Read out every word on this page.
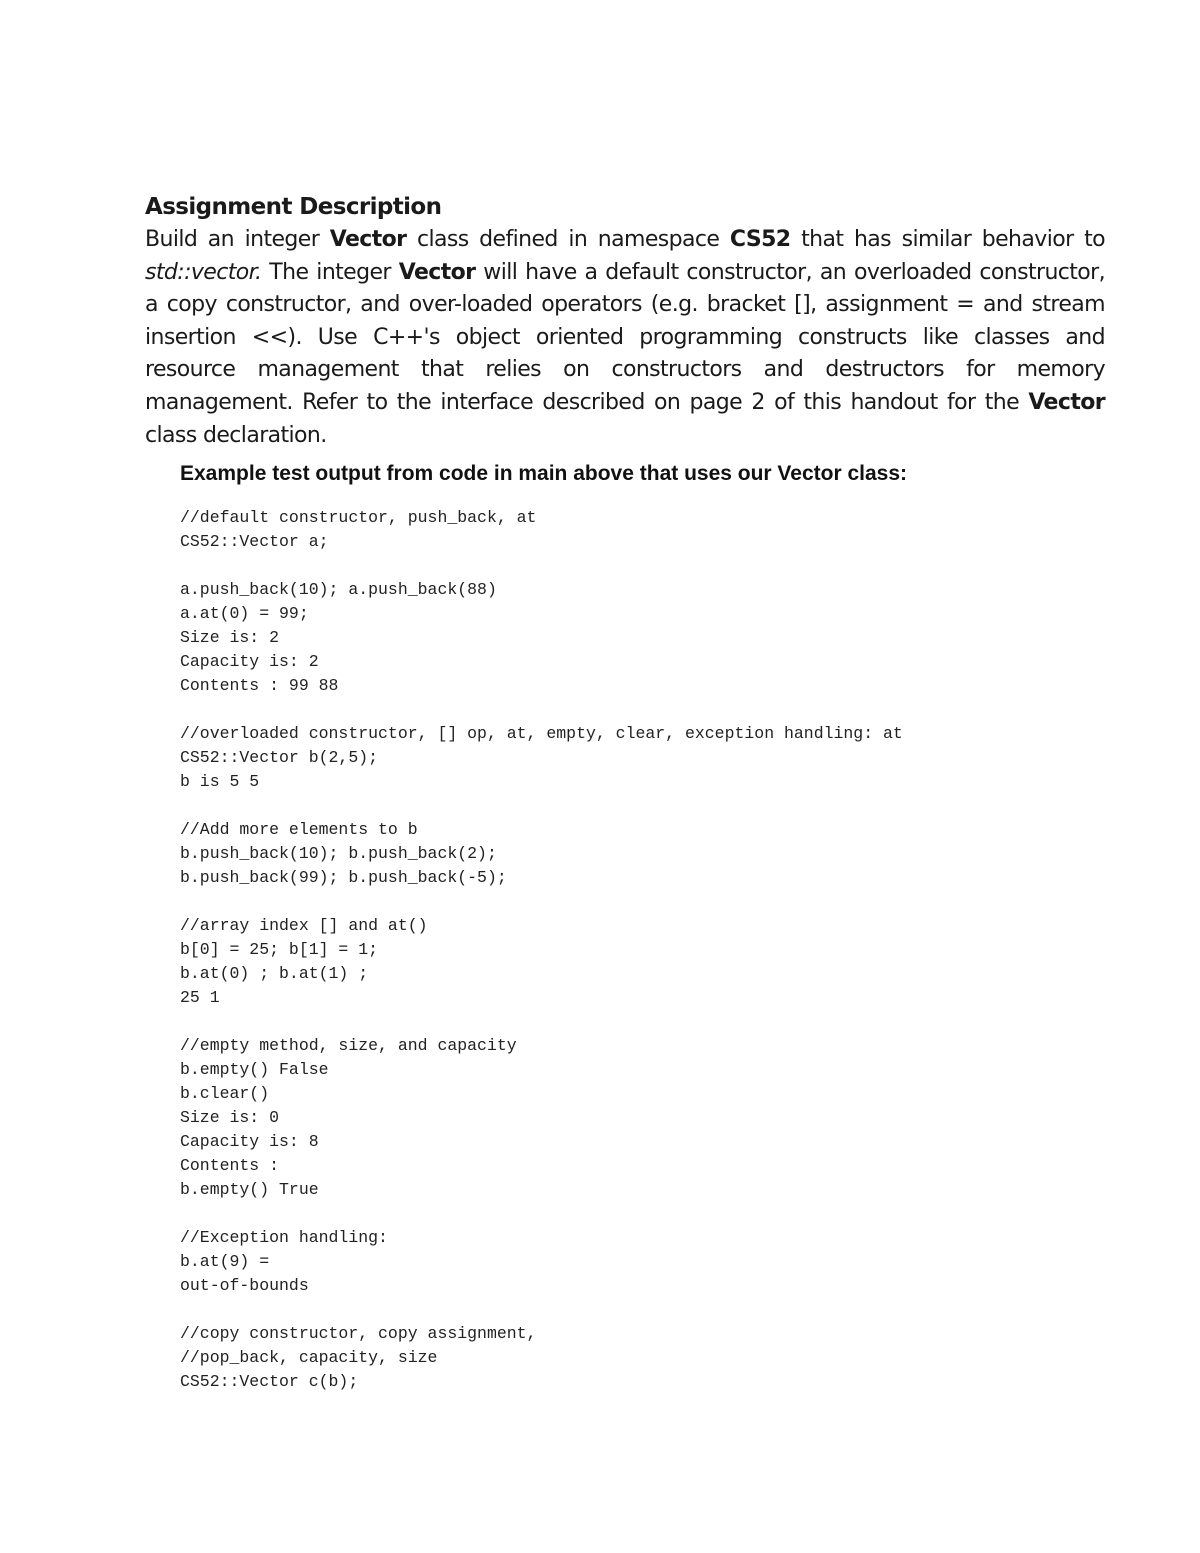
Assignment Description

Build an integer Vector class defined in namespace CS52 that has similar behavior to std::vector. The integer Vector will have a default constructor, an overloaded constructor, a copy constructor, and over-loaded operators (e.g. bracket [], assignment = and stream insertion <<). Use C++'s object oriented programming constructs like classes and resource management that relies on constructors and destructors for memory management. Refer to the interface described on page 2 of this handout for the Vector class declaration.

Example test output from code in main above that uses our Vector class:
//default constructor, push_back, at
CS52::Vector a;
a.push_back(10); a.push_back(88)
a.at(0) = 99;
Size is: 2
Capacity is: 2
Contents : 99 88
//overloaded constructor, [] op, at, empty, clear, exception handling: at
CS52::Vector b(2,5);
b is 5 5
//Add more elements to b
b.push_back(10); b.push_back(2);
b.push_back(99); b.push_back(-5);
//array index [] and at()
b[0] = 25; b[1] = 1;
b.at(0) ; b.at(1) ;
25 1
//empty method, size, and capacity
b.empty() False
b.clear()
Size is: 0
Capacity is: 8
Contents :
b.empty() True
//Exception handling:
b.at(9) =
out-of-bounds
//copy constructor, copy assignment,
//pop_back, capacity, size
CS52::Vector c(b);
